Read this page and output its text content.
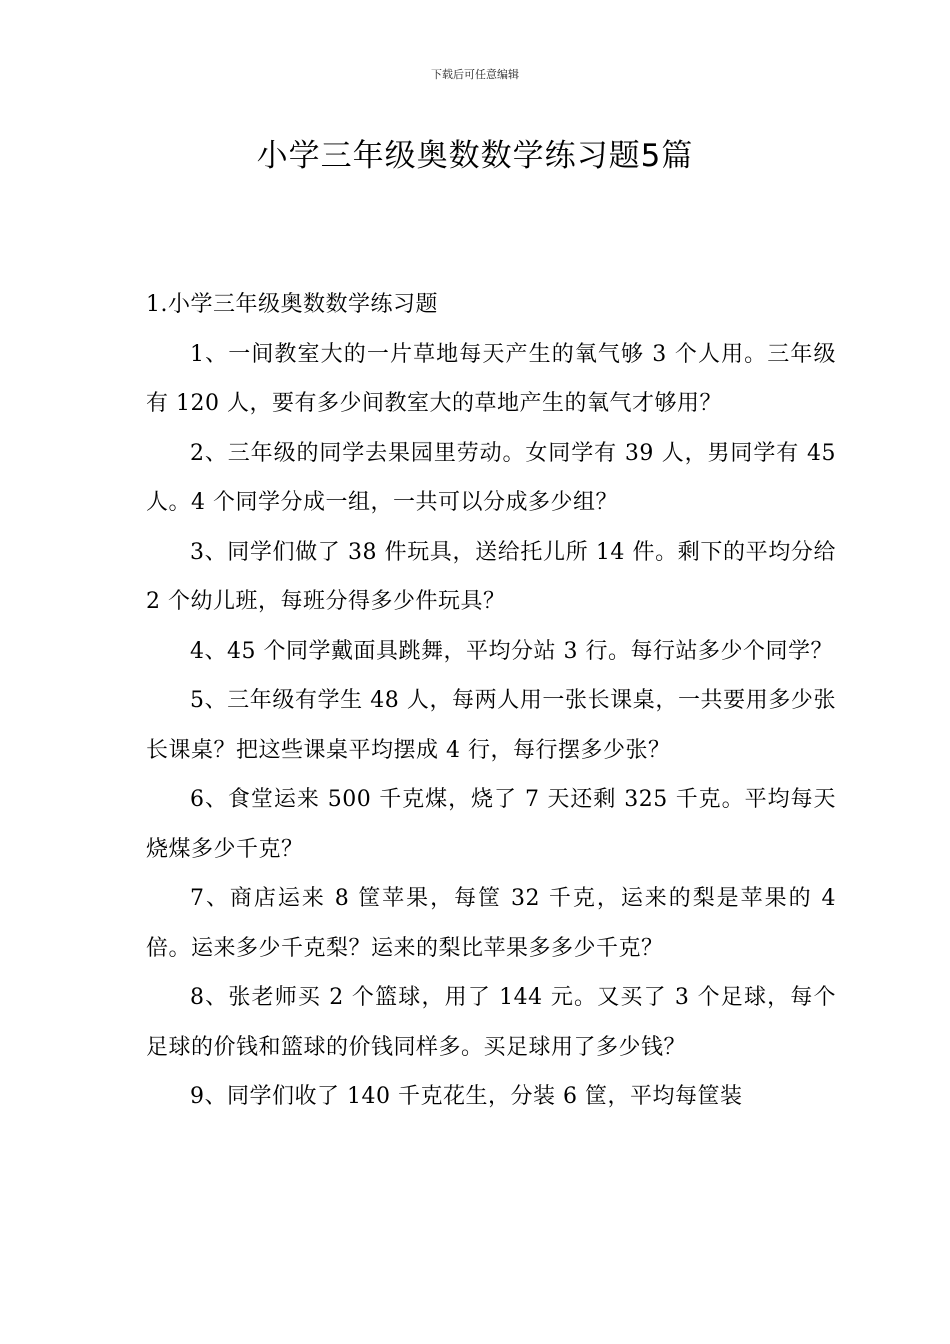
下载后可任意编辑
小学三年级奥数数学练习题5篇

1.小学三年级奥数数学练习题

1、一间教室大的一片草地每天产生的氧气够 3 个人用。三年级有 120 人，要有多少间教室大的草地产生的氧气才够用？

2、三年级的同学去果园里劳动。女同学有 39 人，男同学有 45 人。4 个同学分成一组，一共可以分成多少组？

3、同学们做了 38 件玩具，送给托儿所 14 件。剩下的平均分给 2 个幼儿班，每班分得多少件玩具？

4、45 个同学戴面具跳舞，平均分站 3 行。每行站多少个同学？

5、三年级有学生 48 人，每两人用一张长课桌，一共要用多少张长课桌？把这些课桌平均摆成 4 行，每行摆多少张？

6、食堂运来 500 千克煤，烧了 7 天还剩 325 千克。平均每天烧煤多少千克？

7、商店运来 8 筐苹果，每筐 32 千克，运来的梨是苹果的 4 倍。运来多少千克梨？运来的梨比苹果多多少千克？

8、张老师买 2 个篮球，用了 144 元。又买了 3 个足球，每个足球的价钱和篮球的价钱同样多。买足球用了多少钱？

9、同学们收了 140 千克花生，分装 6 筐，平均每筐装
